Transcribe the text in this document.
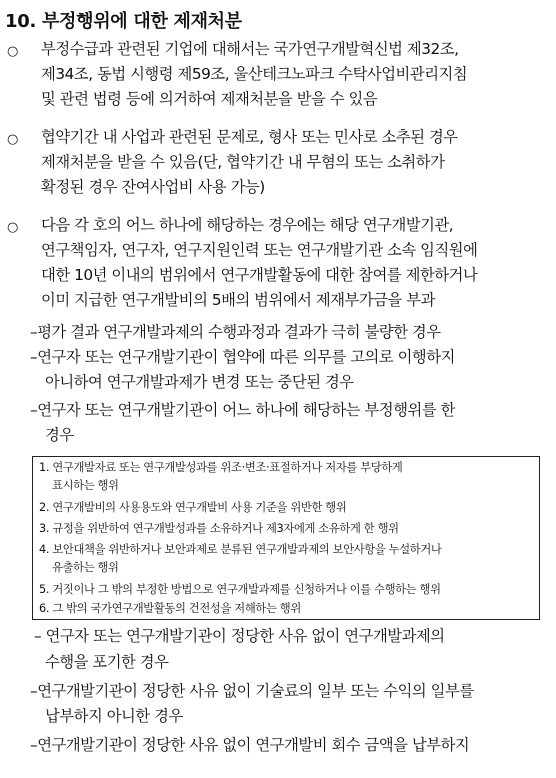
10. 부정행위에 대한 제재처분
○ 부정수급과 관련된 기업에 대해서는 국가연구개발혁신법 제32조,
제34조, 동법 시행령 제59조, 울산테크노파크 수탁사업비관리지침
및 관련 법령 등에 의거하여 제재처분을 받을 수 있음
○ 협약기간 내 사업과 관련된 문제로, 형사 또는 민사로 소추된 경우
제재처분을 받을 수 있음(단, 협약기간 내 무혐의 또는 소취하가
확정된 경우 잔여사업비 사용 가능)
○ 다음 각 호의 어느 하나에 해당하는 경우에는 해당 연구개발기관,
연구책임자, 연구자, 연구지원인력 또는 연구개발기관 소속 임직원에
대한 10년 이내의 범위에서 연구개발활동에 대한 참여를 제한하거나
이미 지급한 연구개발비의 5배의 범위에서 제재부가금을 부과
–평가 결과 연구개발과제의 수행과정과 결과가 극히 불량한 경우
–연구자 또는 연구개발기관이 협약에 따른 의무를 고의로 이행하지
아니하여 연구개발과제가 변경 또는 중단된 경우
–연구자 또는 연구개발기관이 어느 하나에 해당하는 부정행위를 한
경우
1. 연구개발자료 또는 연구개발성과를 위조·변조·표절하거나 저자를 부당하게
표시하는 행위
2. 연구개발비의 사용용도와 연구개발비 사용 기준을 위반한 행위
3. 규정을 위반하여 연구개발성과를 소유하거나 제3자에게 소유하게 한 행위
4. 보안대책을 위반하거나 보안과제로 분류된 연구개발과제의 보안사항을 누설하거나
유출하는 행위
5. 거짓이나 그 밖의 부정한 방법으로 연구개발과제를 신청하거나 이를 수행하는 행위
6. 그 밖의 국가연구개발활동의 건전성을 저해하는 행위
– 연구자 또는 연구개발기관이 정당한 사유 없이 연구개발과제의
수행을 포기한 경우
–연구개발기관이 정당한 사유 없이 기술료의 일부 또는 수익의 일부를
납부하지 아니한 경우
–연구개발기관이 정당한 사유 없이 연구개발비 회수 금액을 납부하지
